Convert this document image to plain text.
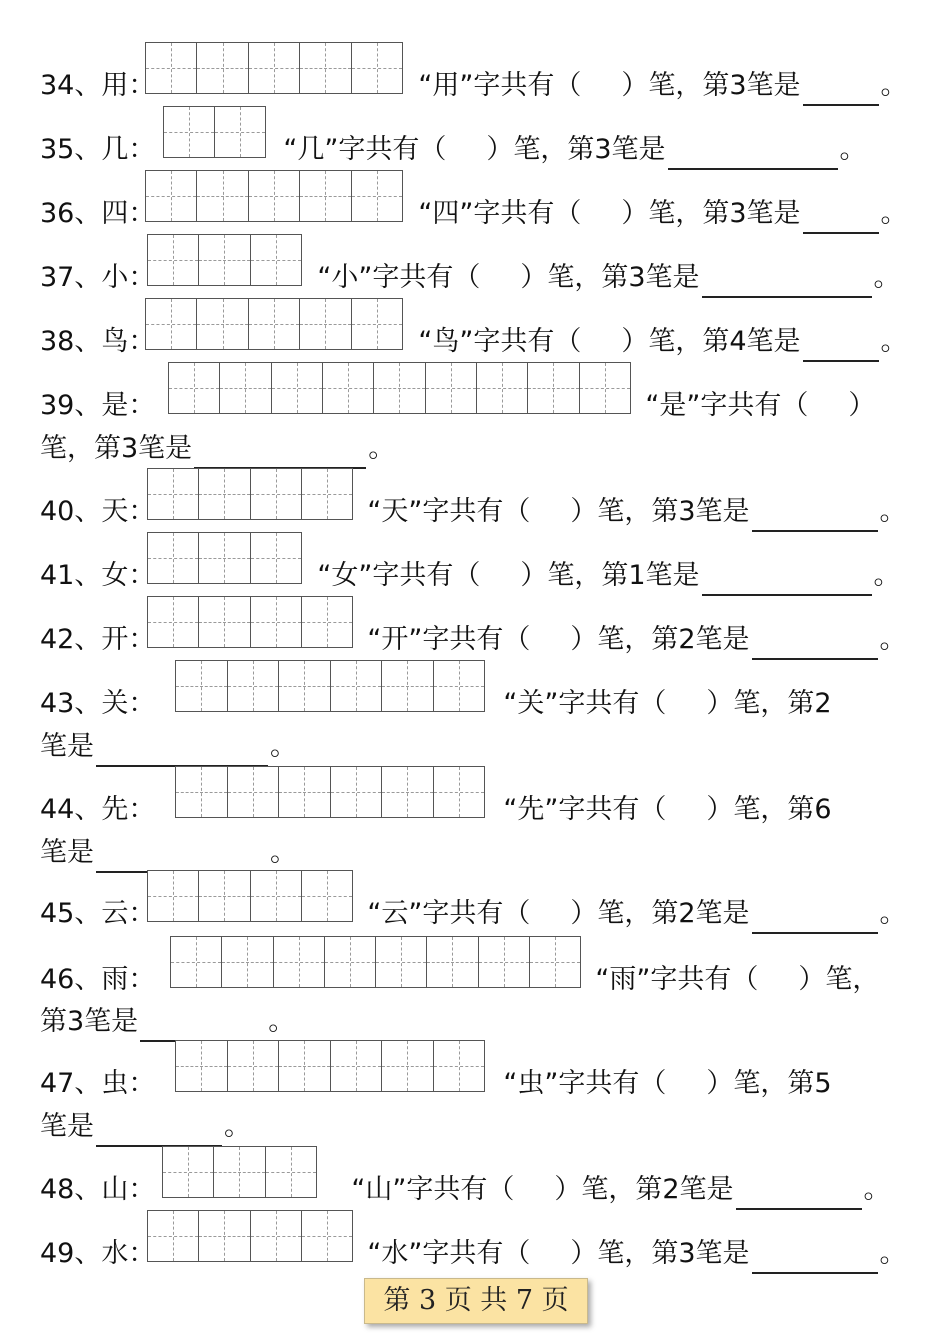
34、用：	“用”字共有（ ）笔，第3笔是	。
35、几：	“几”字共有（ ）笔，第3笔是	。
36、四：	“四”字共有（ ）笔，第3笔是	。
37、小：	“小”字共有（ ）笔，第3笔是	。
38、鸟：	“鸟”字共有（ ）笔，第4笔是	。
39、是：	“是”字共有（ ）
笔，第3笔是	。
40、天：	“天”字共有（ ）笔，第3笔是	。
41、女：	“女”字共有（ ）笔，第1笔是	。
42、开：	“开”字共有（ ）笔，第2笔是	。
43、关：	“关”字共有（ ）笔，第2
笔是	。
44、先：	“先”字共有（ ）笔，第6
笔是	。
45、云：	“云”字共有（ ）笔，第2笔是	。
46、雨：	“雨”字共有（ ）笔，
第3笔是	。
47、虫：	“虫”字共有（ ）笔，第5
笔是	。
48、山：	“山”字共有（ ）笔，第2笔是	。
49、水：	“水”字共有（ ）笔，第3笔是	。
第 3 页 共 7 页
